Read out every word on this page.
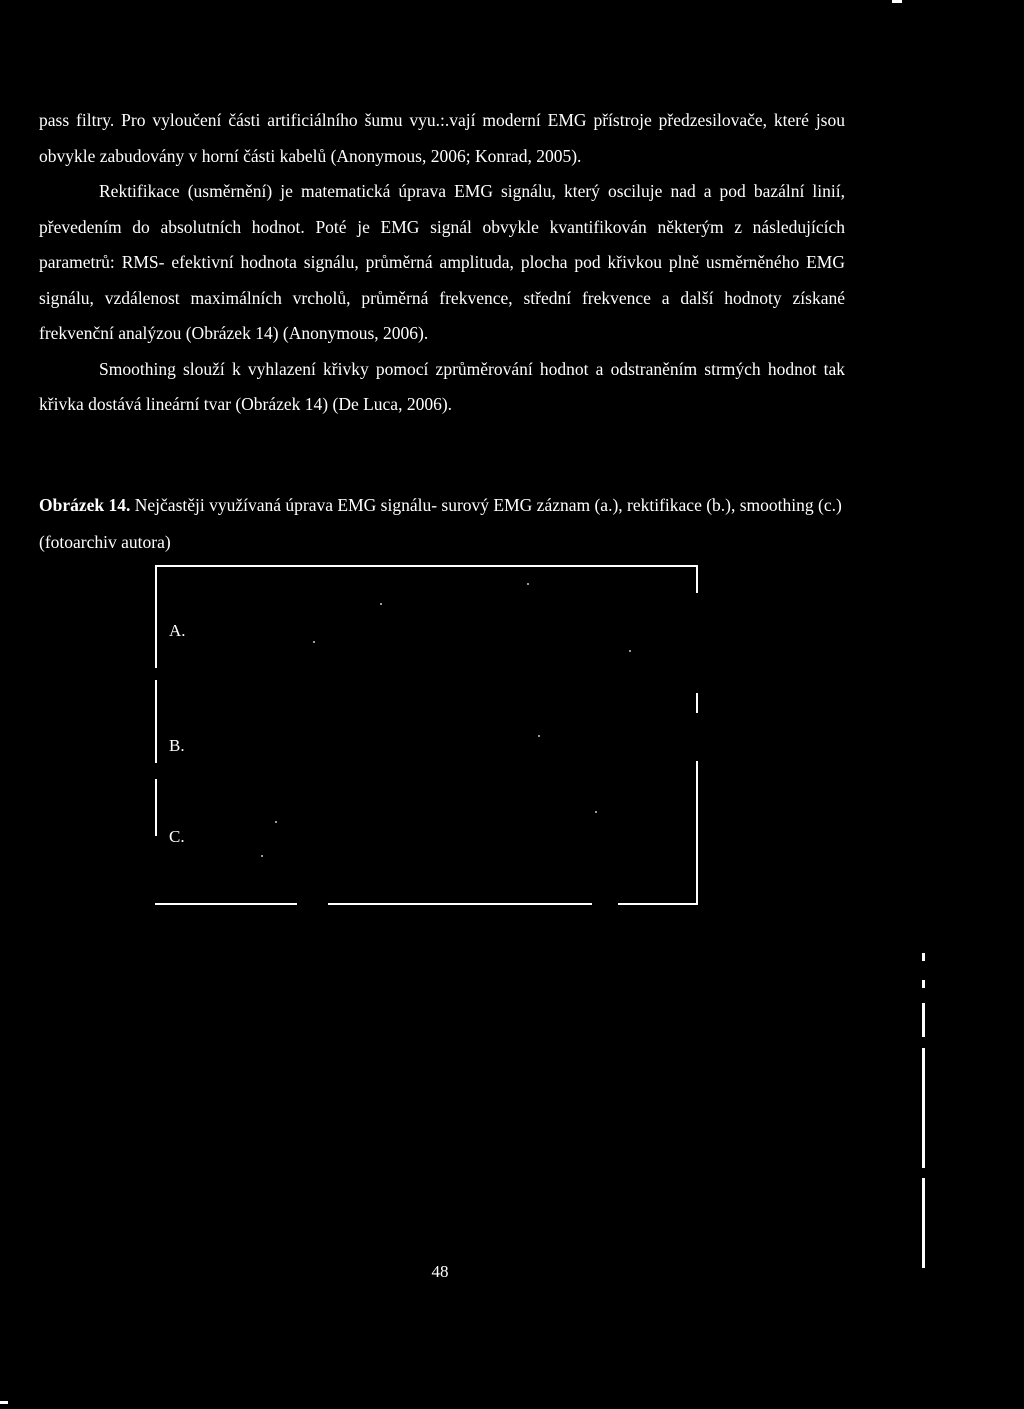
pass filtry. Pro vyloučení části artificiálního šumu vyu.:.vají moderní EMG přístroje předzesilovače, které jsou obvykle zabudovány v horní části kabelů (Anonymous, 2006; Konrad, 2005).

Rektifikace (usměrnění) je matematická úprava EMG signálu, který osciluje nad a pod bazální linií, převedením do absolutních hodnot. Poté je EMG signál obvykle kvantifikován některým z následujících parametrů: RMS- efektivní hodnota signálu, průměrná amplituda, plocha pod křivkou plně usměrněného EMG signálu, vzdálenost maximálních vrcholů, průměrná frekvence, střední frekvence a další hodnoty získané frekvenční analýzou (Obrázek 14) (Anonymous, 2006).

Smoothing slouží k vyhlazení křivky pomocí zprůměrování hodnot a odstraněním strmých hodnot tak křivka dostává lineární tvar (Obrázek 14) (De Luca, 2006).

Obrázek 14. Nejčastěji využívaná úprava EMG signálu- surový EMG záznam (a.), rektifikace (b.), smoothing (c.) (fotoarchiv autora)

A.
B.
C.
48
